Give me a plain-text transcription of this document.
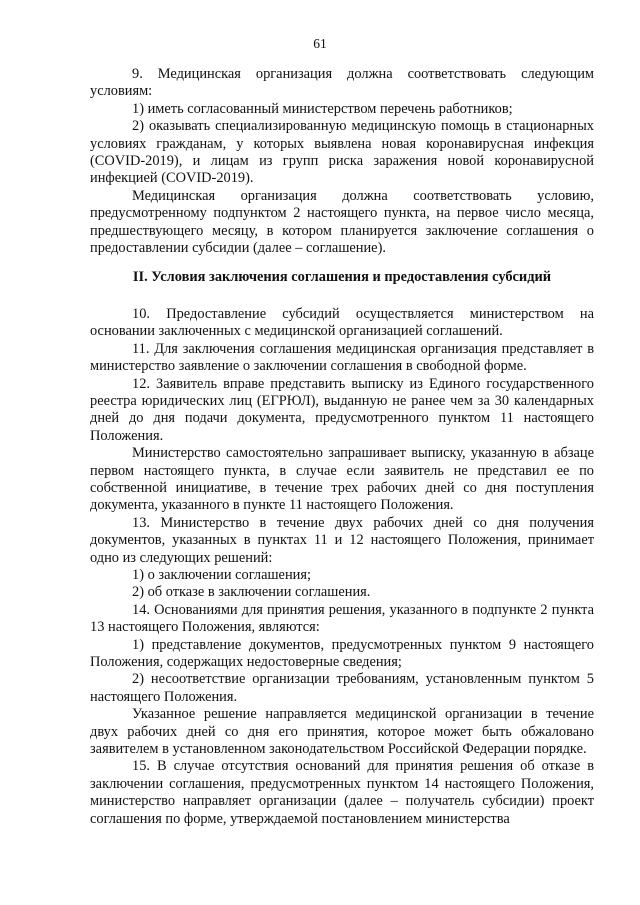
61

9. Медицинская организация должна соответствовать следующим условиям:

1) иметь согласованный министерством перечень работников;

2) оказывать специализированную медицинскую помощь в стационарных условиях гражданам, у которых выявлена новая коронавирусная инфекция (COVID-2019), и лицам из групп риска заражения новой коронавирусной инфекцией (COVID-2019).

Медицинская организация должна соответствовать условию, предусмотренному подпунктом 2 настоящего пункта, на первое число месяца, предшествующего месяцу, в котором планируется заключение соглашения о предоставлении субсидии (далее – соглашение).

II. Условия заключения соглашения и предоставления субсидий

10. Предоставление субсидий осуществляется министерством на основании заключенных с медицинской организацией соглашений.

11. Для заключения соглашения медицинская организация представляет в министерство заявление о заключении соглашения в свободной форме.

12. Заявитель вправе представить выписку из Единого государственного реестра юридических лиц (ЕГРЮЛ), выданную не ранее чем за 30 календарных дней до дня подачи документа, предусмотренного пунктом 11 настоящего Положения.

Министерство самостоятельно запрашивает выписку, указанную в абзаце первом настоящего пункта, в случае если заявитель не представил ее по собственной инициативе, в течение трех рабочих дней со дня поступления документа, указанного в пункте 11 настоящего Положения.

13. Министерство в течение двух рабочих дней со дня получения документов, указанных в пунктах 11 и 12 настоящего Положения, принимает одно из следующих решений:

1) о заключении соглашения;

2) об отказе в заключении соглашения.

14. Основаниями для принятия решения, указанного в подпункте 2 пункта 13 настоящего Положения, являются:

1) представление документов, предусмотренных пунктом 9 настоящего Положения, содержащих недостоверные сведения;

2) несоответствие организации требованиям, установленным пунктом 5 настоящего Положения.

Указанное решение направляется медицинской организации в течение двух рабочих дней со дня его принятия, которое может быть обжаловано заявителем в установленном законодательством Российской Федерации порядке.

15. В случае отсутствия оснований для принятия решения об отказе в заключении соглашения, предусмотренных пунктом 14 настоящего Положения, министерство направляет организации (далее – получатель субсидии) проект соглашения по форме, утверждаемой постановлением министерства
